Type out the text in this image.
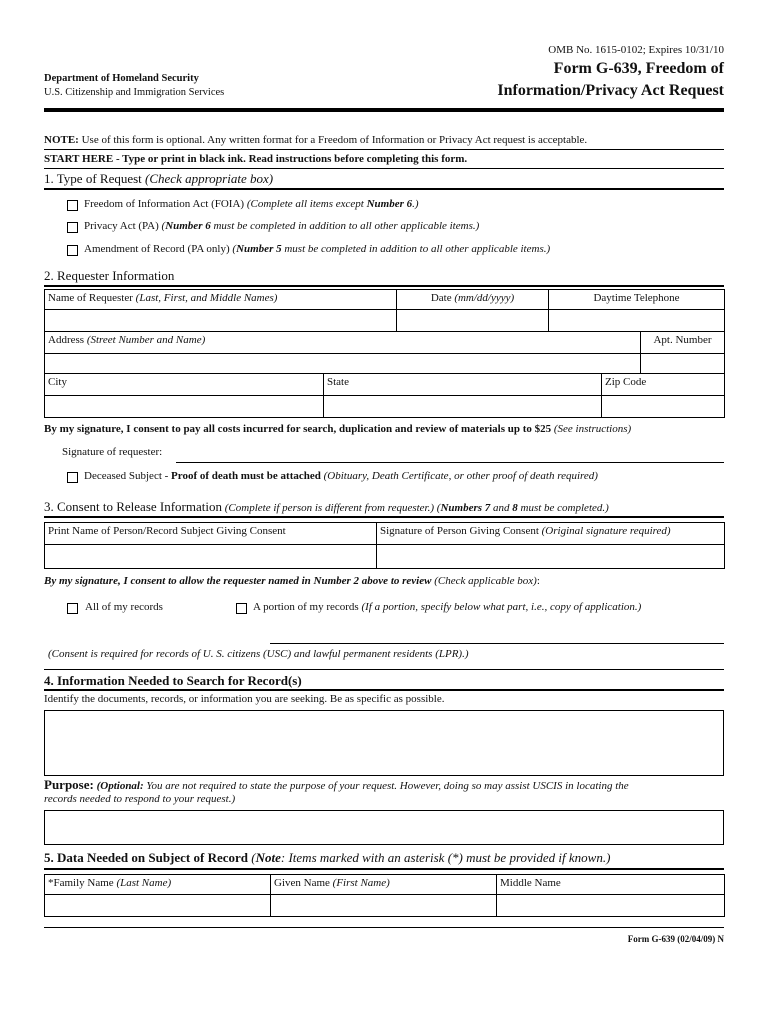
OMB No. 1615-0102; Expires 10/31/10
Department of Homeland Security
U.S. Citizenship and Immigration Services
Form G-639, Freedom of
Information/Privacy Act Request
NOTE: Use of this form is optional. Any written format for a Freedom of Information or Privacy Act request is acceptable.
START HERE - Type or print in black ink. Read instructions before completing this form.
1. Type of Request (Check appropriate box)
Freedom of Information Act (FOIA) (Complete all items except Number 6.)
Privacy Act (PA) (Number 6 must be completed in addition to all other applicable items.)
Amendment of Record (PA only) (Number 5 must be completed in addition to all other applicable items.)
2. Requester Information
Name of Requester (Last, First, and Middle Names)	Date (mm/dd/yyyy)	Daytime Telephone

Address (Street Number and Name)	Apt. Number

City	State	Zip Code

By my signature, I consent to pay all costs incurred for search, duplication and review of materials up to $25 (See instructions)
Signature of requester:
Deceased Subject - Proof of death must be attached (Obituary, Death Certificate, or other proof of death required)
3. Consent to Release Information (Complete if person is different from requester.) (Numbers 7 and 8 must be completed.)
Print Name of Person/Record Subject Giving Consent	Signature of Person Giving Consent (Original signature required)

By my signature, I consent to allow the requester named in Number 2 above to review (Check applicable box):
All of my records	A portion of my records (If a portion, specify below what part, i.e., copy of application.)
(Consent is required for records of U. S. citizens (USC) and lawful permanent residents (LPR).)
4. Information Needed to Search for Record(s)
Identify the documents, records, or information you are seeking. Be as specific as possible.
Purpose: (Optional: You are not required to state the purpose of your request. However, doing so may assist USCIS in locating the
records needed to respond to your request.)
5. Data Needed on Subject of Record (Note: Items marked with an asterisk (*) must be provided if known.)
*Family Name (Last Name)	Given Name (First Name)	Middle Name

Form G-639 (02/04/09) N
